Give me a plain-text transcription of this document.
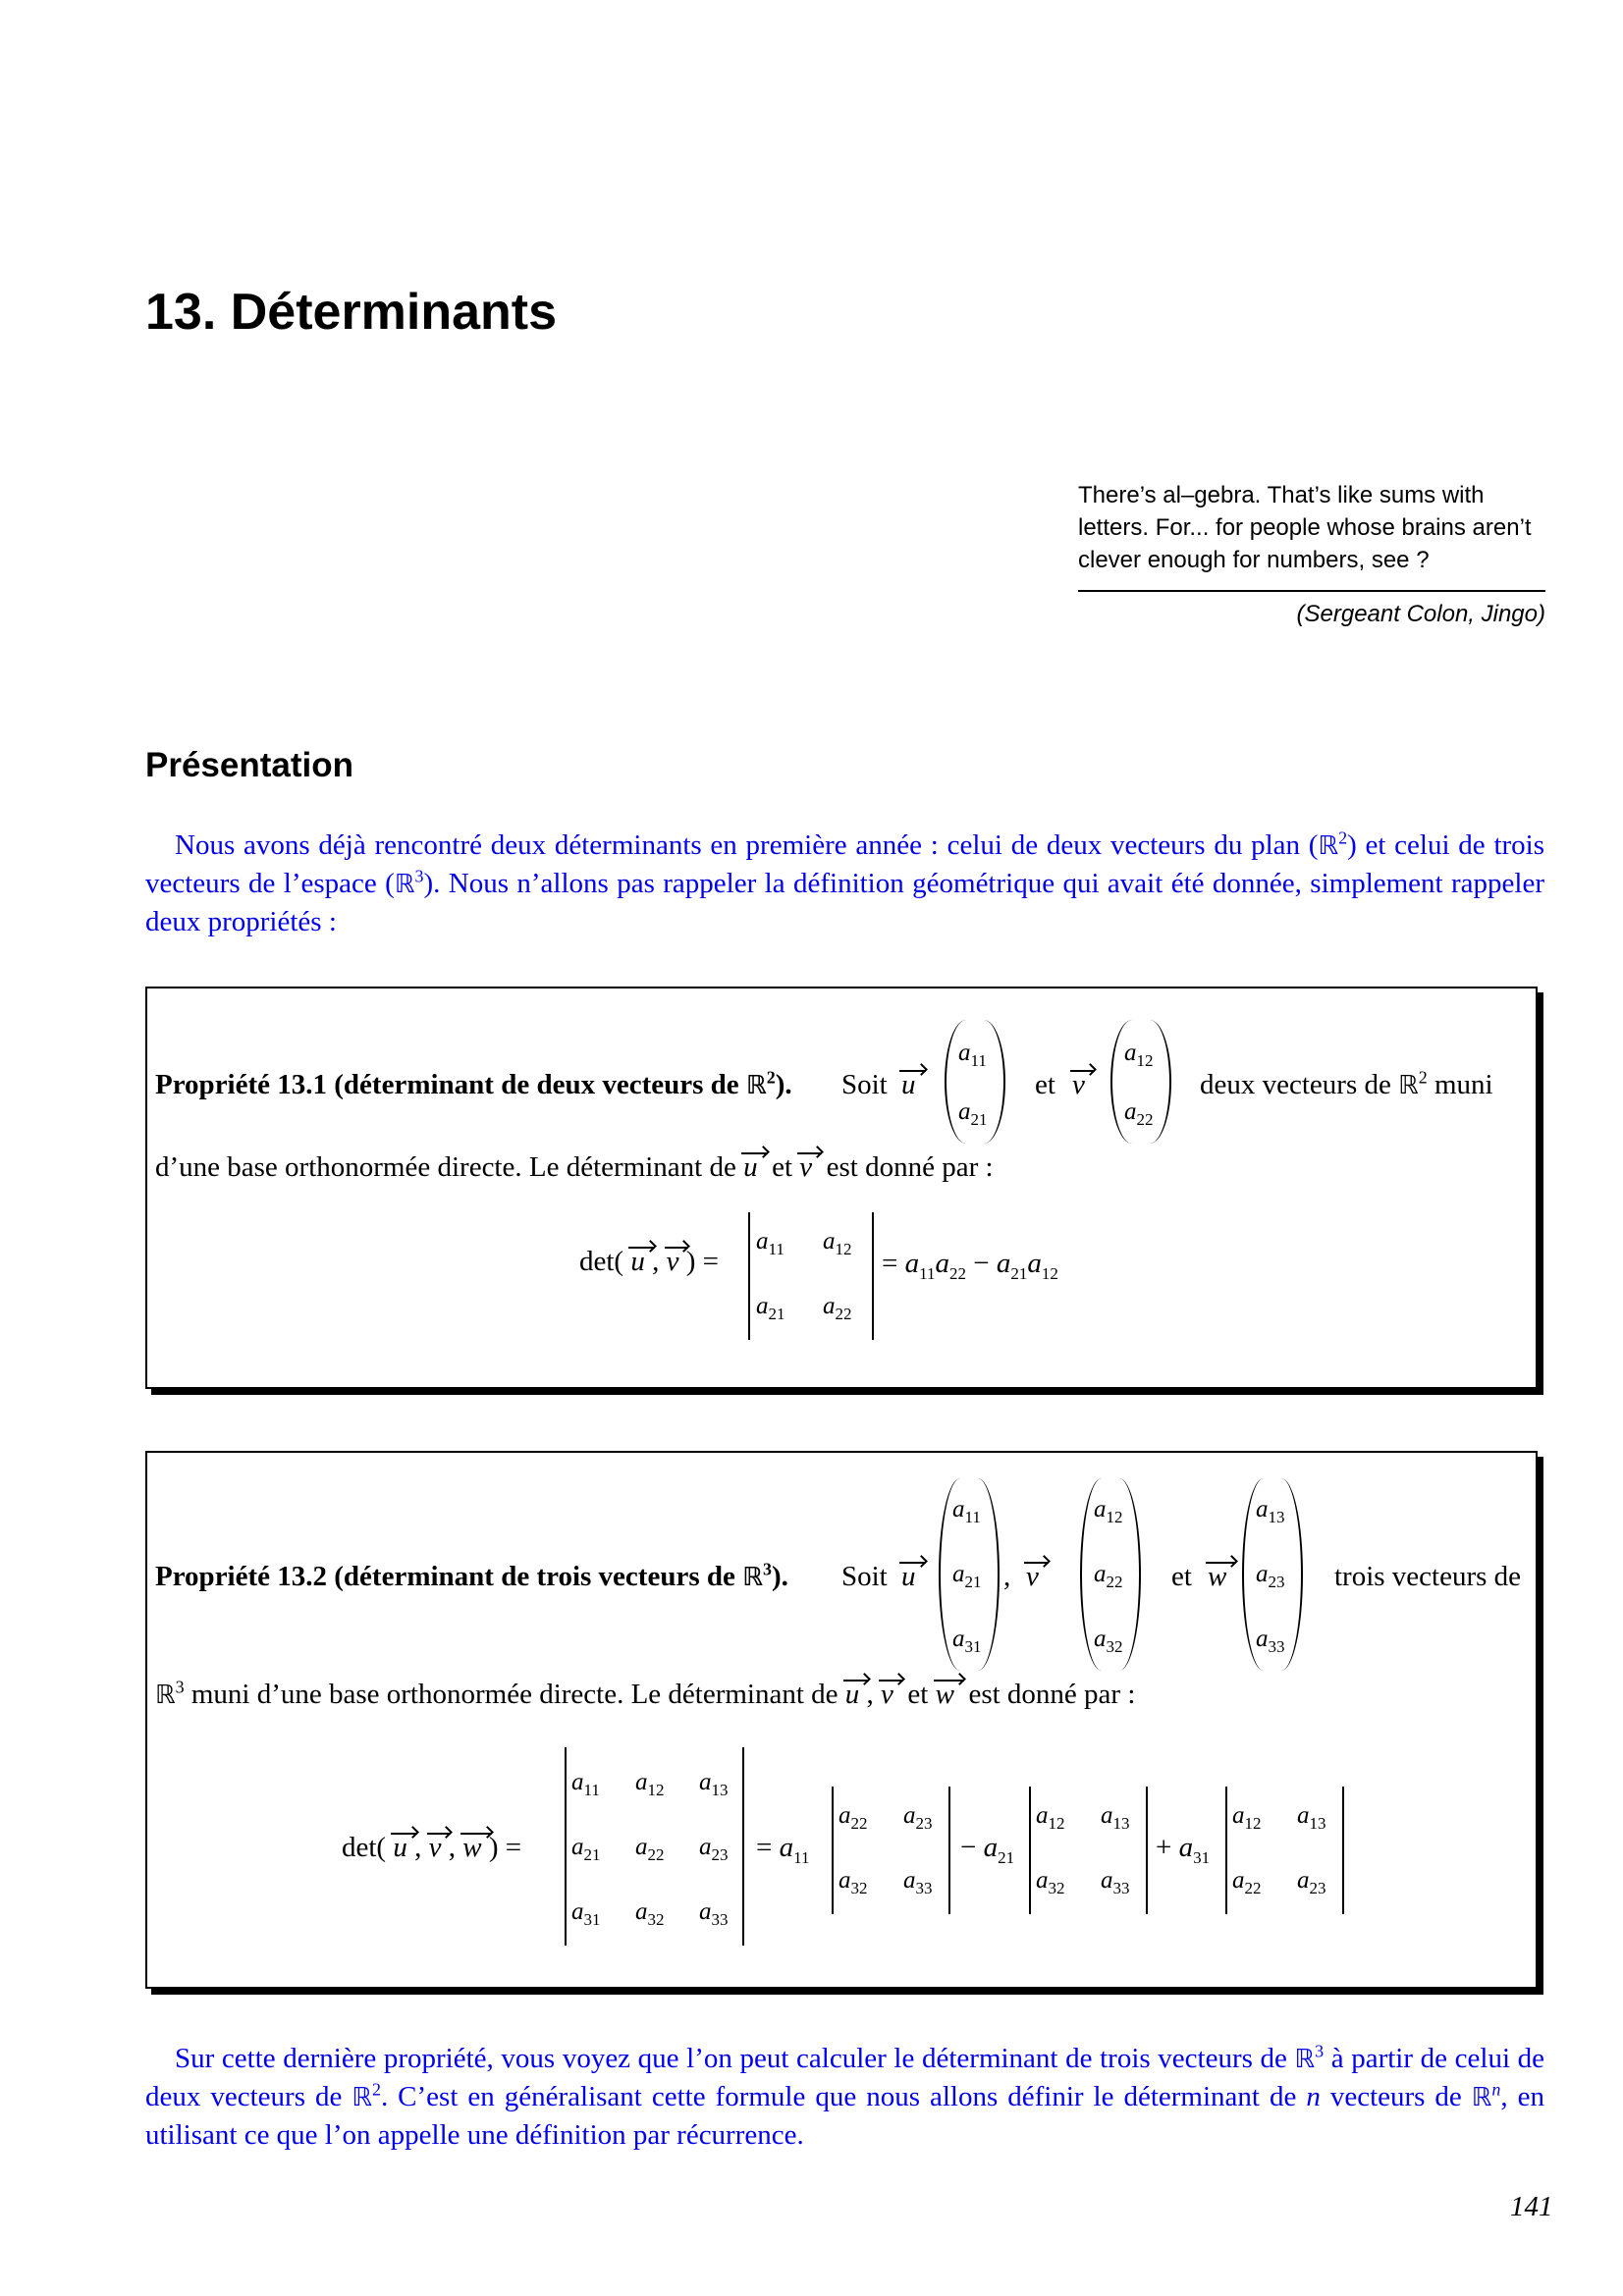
13. Déterminants
There’s al–gebra. That’s like sums with letters. For... for people whose brains aren’t clever enough for numbers, see ?
(Sergeant Colon, Jingo)
Présentation
Nous avons déjà rencontré deux déterminants en première année : celui de deux vecteurs du plan (ℝ$^2$) et celui de trois vecteurs de l’espace (ℝ$^3$). Nous n’allons pas rappeler la définition géométrique qui avait été donnée, simplement rappeler deux propriétés :
Propriété 13.1 (déterminant de deux vecteurs de ℝ$^2$). Soit u
$a_{11}$
$a_{21}$
et v
$a_{12}$
$a_{22}$
deux vecteurs de ℝ$^2$ muni
d’une base orthonormée directe. Le déterminant de u  et v  est donné par :
det( u , v ) =
$a_{11}$ $a_{12}$
$a_{21}$ $a_{22}$
= $a_{11}a_{22} - a_{21}a_{12}$
Propriété 13.2 (déterminant de trois vecteurs de ℝ$^3$). Soit u
$a_{11}$
$a_{21}$
$a_{31}$
, v
$a_{12}$
$a_{22}$
$a_{32}$
et w
$a_{13}$
$a_{23}$
$a_{33}$
trois vecteurs de
ℝ$^3$ muni d’une base orthonormée directe. Le déterminant de u , v  et w  est donné par :
det( u , v , w ) =
$a_{11}$ $a_{12}$ $a_{13}$
$a_{21}$ $a_{22}$ $a_{23}$
$a_{31}$ $a_{32}$ $a_{33}$
= $a_{11}$
$a_{22}$ $a_{23}$
$a_{32}$ $a_{33}$
− $a_{21}$
$a_{12}$ $a_{13}$
$a_{32}$ $a_{33}$
+ $a_{31}$
$a_{12}$ $a_{13}$
$a_{22}$ $a_{23}$
Sur cette dernière propriété, vous voyez que l’on peut calculer le déterminant de trois vecteurs de ℝ$^3$ à partir de celui de deux vecteurs de ℝ$^2$. C’est en généralisant cette formule que nous allons définir le déterminant de n vecteurs de ℝ$^n$, en utilisant ce que l’on appelle une définition par récurrence.
141
